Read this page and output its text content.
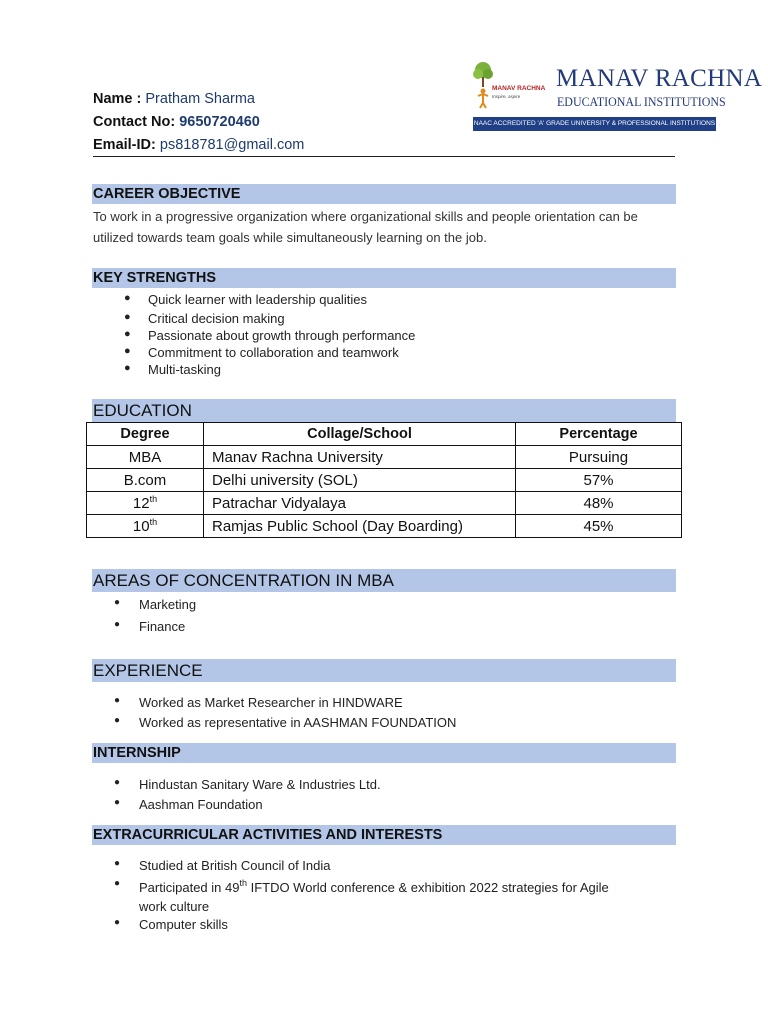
Name : Pratham Sharma
Contact No: 9650720460
Email-ID: ps818781@gmail.com
MANAV RACHNA
Inspire, aspire
MANAV RACHNA
EDUCATIONAL INSTITUTIONS
NAAC ACCREDITED 'A' GRADE UNIVERSITY & PROFESSIONAL INSTITUTIONS
CAREER OBJECTIVE
To work in a progressive organization where organizational skills and people orientation can be utilized towards team goals while simultaneously learning on the job.
KEY STRENGTHS
● Quick learner with leadership qualities
● Critical decision making
● Passionate about growth through performance
● Commitment to collaboration and teamwork
● Multi-tasking
EDUCATION
Degree	Collage/School	Percentage
MBA	Manav Rachna University	Pursuing
B.com	Delhi university (SOL)	57%
12th	Patrachar Vidyalaya	48%
10th	Ramjas Public School (Day Boarding)	45%
AREAS OF CONCENTRATION IN MBA
● Marketing
● Finance
EXPERIENCE
● Worked as Market Researcher in HINDWARE
● Worked as representative in AASHMAN FOUNDATION
INTERNSHIP
● Hindustan Sanitary Ware & Industries Ltd.
● Aashman Foundation
EXTRACURRICULAR ACTIVITIES AND INTERESTS
● Studied at British Council of India
● Participated in 49th IFTDO World conference & exhibition 2022 strategies for Agile
work culture
● Computer skills
